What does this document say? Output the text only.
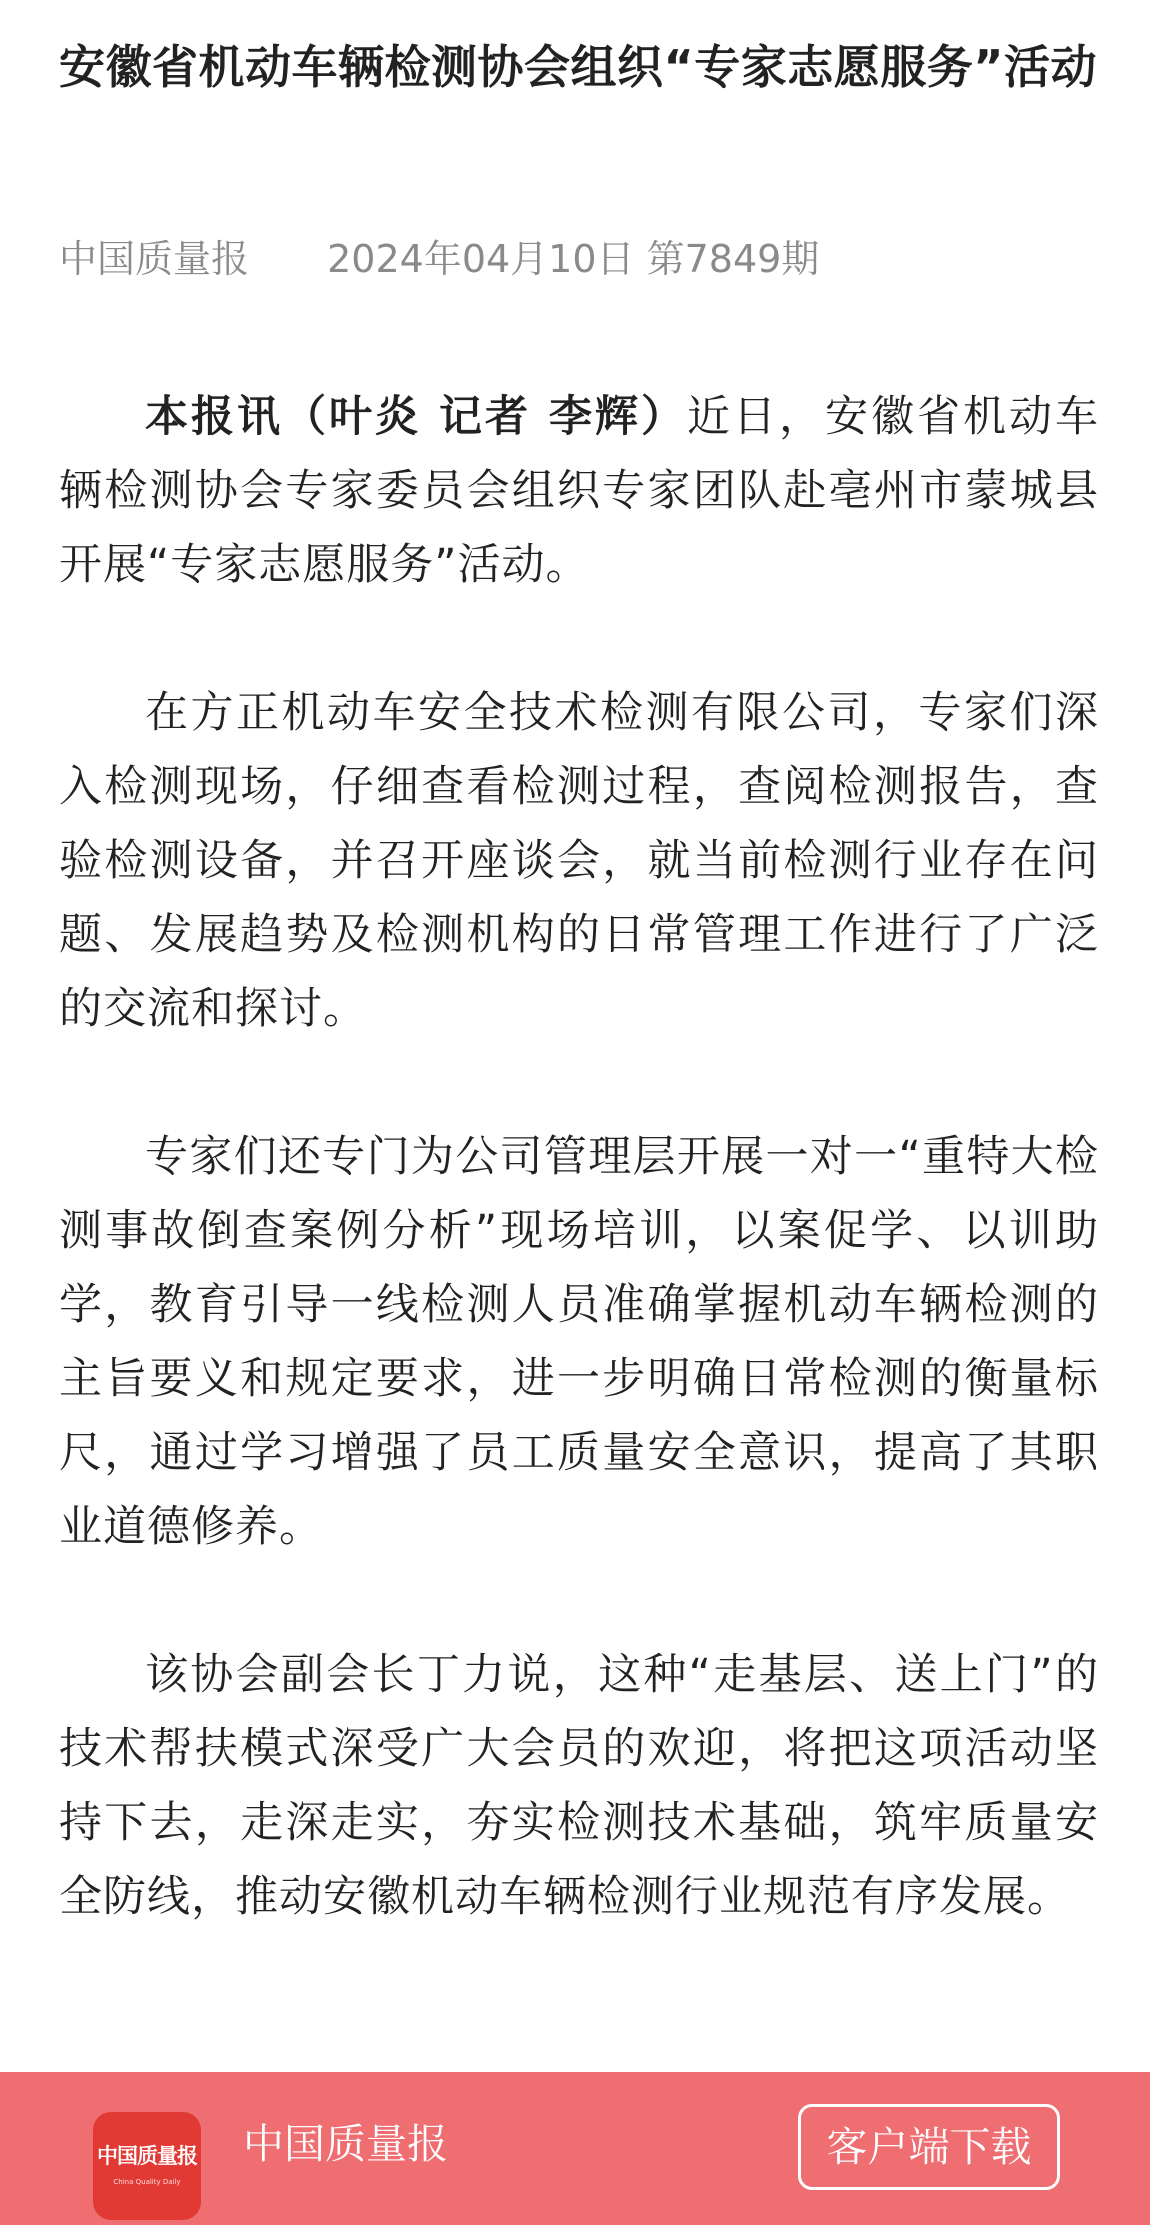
安徽省机动车辆检测协会组织“专家志愿服务”活动
中国质量报 2024年04月10日 第7849期

本报讯（叶炎 记者 李辉）近日，安徽省机动车辆检测协会专家委员会组织专家团队赴亳州市蒙城县开展“专家志愿服务”活动。

在方正机动车安全技术检测有限公司，专家们深入检测现场，仔细查看检测过程，查阅检测报告，查验检测设备，并召开座谈会，就当前检测行业存在问题、发展趋势及检测机构的日常管理工作进行了广泛的交流和探讨。

专家们还专门为公司管理层开展一对一“重特大检测事故倒查案例分析”现场培训，以案促学、以训助学，教育引导一线检测人员准确掌握机动车辆检测的主旨要义和规定要求，进一步明确日常检测的衡量标尺，通过学习增强了员工质量安全意识，提高了其职业道德修养。

该协会副会长丁力说，这种“走基层、送上门”的技术帮扶模式深受广大会员的欢迎，将把这项活动坚持下去，走深走实，夯实检测技术基础，筑牢质量安全防线，推动安徽机动车辆检测行业规范有序发展。

中国质量报
China Quality Daily
中国质量报	客户端下载
